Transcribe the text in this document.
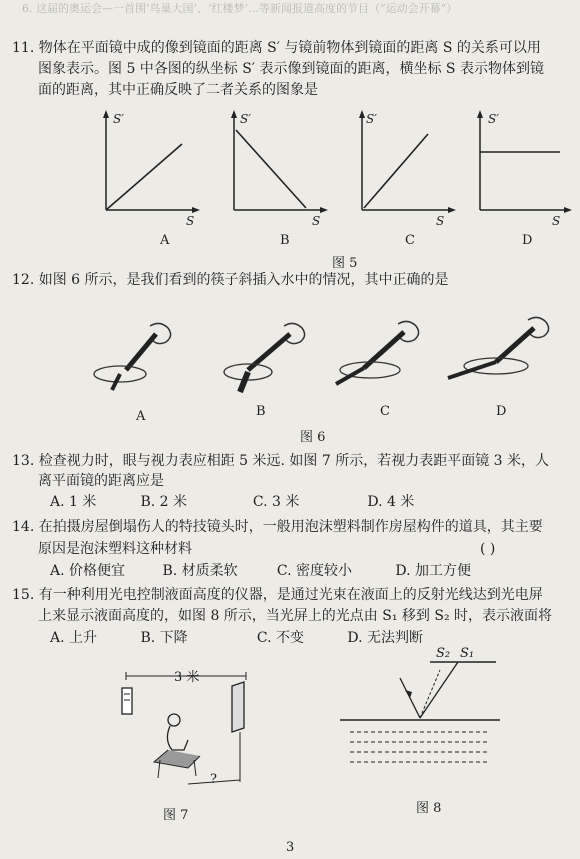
6. 这届的奥运会—一首围‘鸟巢大国’、‘红楼梦’…等新闻报道高度的节目（“运动会开幕”）
11. 物体在平面镜中成的像到镜面的距离 S′ 与镜前物体到镜面的距离 S 的关系可以用
图象表示。图 5 中各图的纵坐标 S′ 表示像到镜面的距离，横坐标 S 表示物体到镜
面的距离，其中正确反映了二者关系的图象是
S′
S
A
S′
S
B
S′
S
C
S′
S
D
图 5
12. 如图 6 所示，是我们看到的筷子斜插入水中的情况，其中正确的是
A	B	C	D
图 6
13. 检查视力时，眼与视力表应相距 5 米远. 如图 7 所示，若视力表距平面镜 3 米，人
离平面镜的距离应是
A. 1 米	B. 2 米	C. 3 米	D. 4 米
14. 在拍摄房屋倒塌伤人的特技镜头时，一般用泡沫塑料制作房屋构件的道具，其主要
原因是泡沫塑料这种材料	( )
A. 价格便宜	B. 材质柔软	C. 密度较小	D. 加工方便
15. 有一种利用光电控制液面高度的仪器，是通过光束在液面上的反射光线达到光电屏
上来显示液面高度的，如图 8 所示，当光屏上的光点由 S₁ 移到 S₂ 时，表示液面将
A. 上升	B. 下降	C. 不变	D. 无法判断
3 米
?
图 7
S₂ S₁
图 8
3
